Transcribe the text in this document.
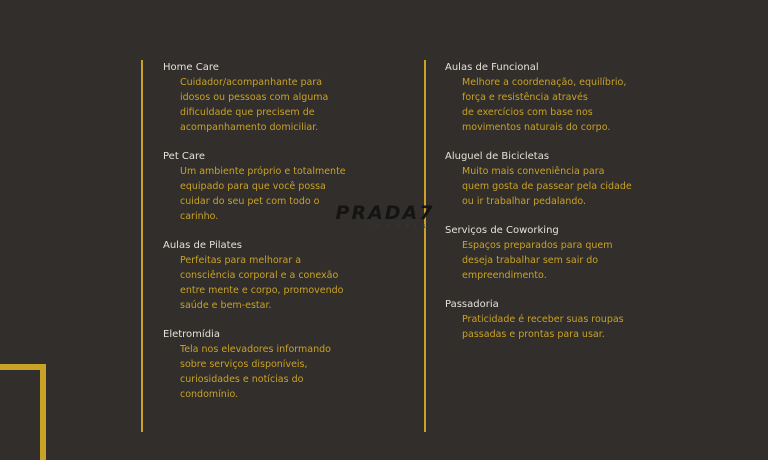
Home Care
Cuidador/acompanhante para
idosos ou pessoas com alguma
dificuldade que precisem de
acompanhamento domiciliar.
Pet Care
Um ambiente próprio e totalmente
equipado para que você possa
cuidar do seu pet com todo o
carinho.
Aulas de Pilates
Perfeitas para melhorar a
consciência corporal e a conexão
entre mente e corpo, promovendo
saúde e bem-estar.
Eletromídia
Tela nos elevadores informando
sobre serviços disponíveis,
curiosidades e notícias do
condomínio.
Aulas de Funcional
Melhore a coordenação, equilíbrio,
força e resistência através
de exercícios com base nos
movimentos naturais do corpo.
Aluguel de Bicicletas
Muito mais conveniência para
quem gosta de passear pela cidade
ou ir trabalhar pedalando.
Serviços de Coworking
Espaços preparados para quem
deseja trabalhar sem sair do
empreendimento.
Passadoria
Praticidade é receber suas roupas
passadas e prontas para usar.
PRADA7
IMÓVEIS
